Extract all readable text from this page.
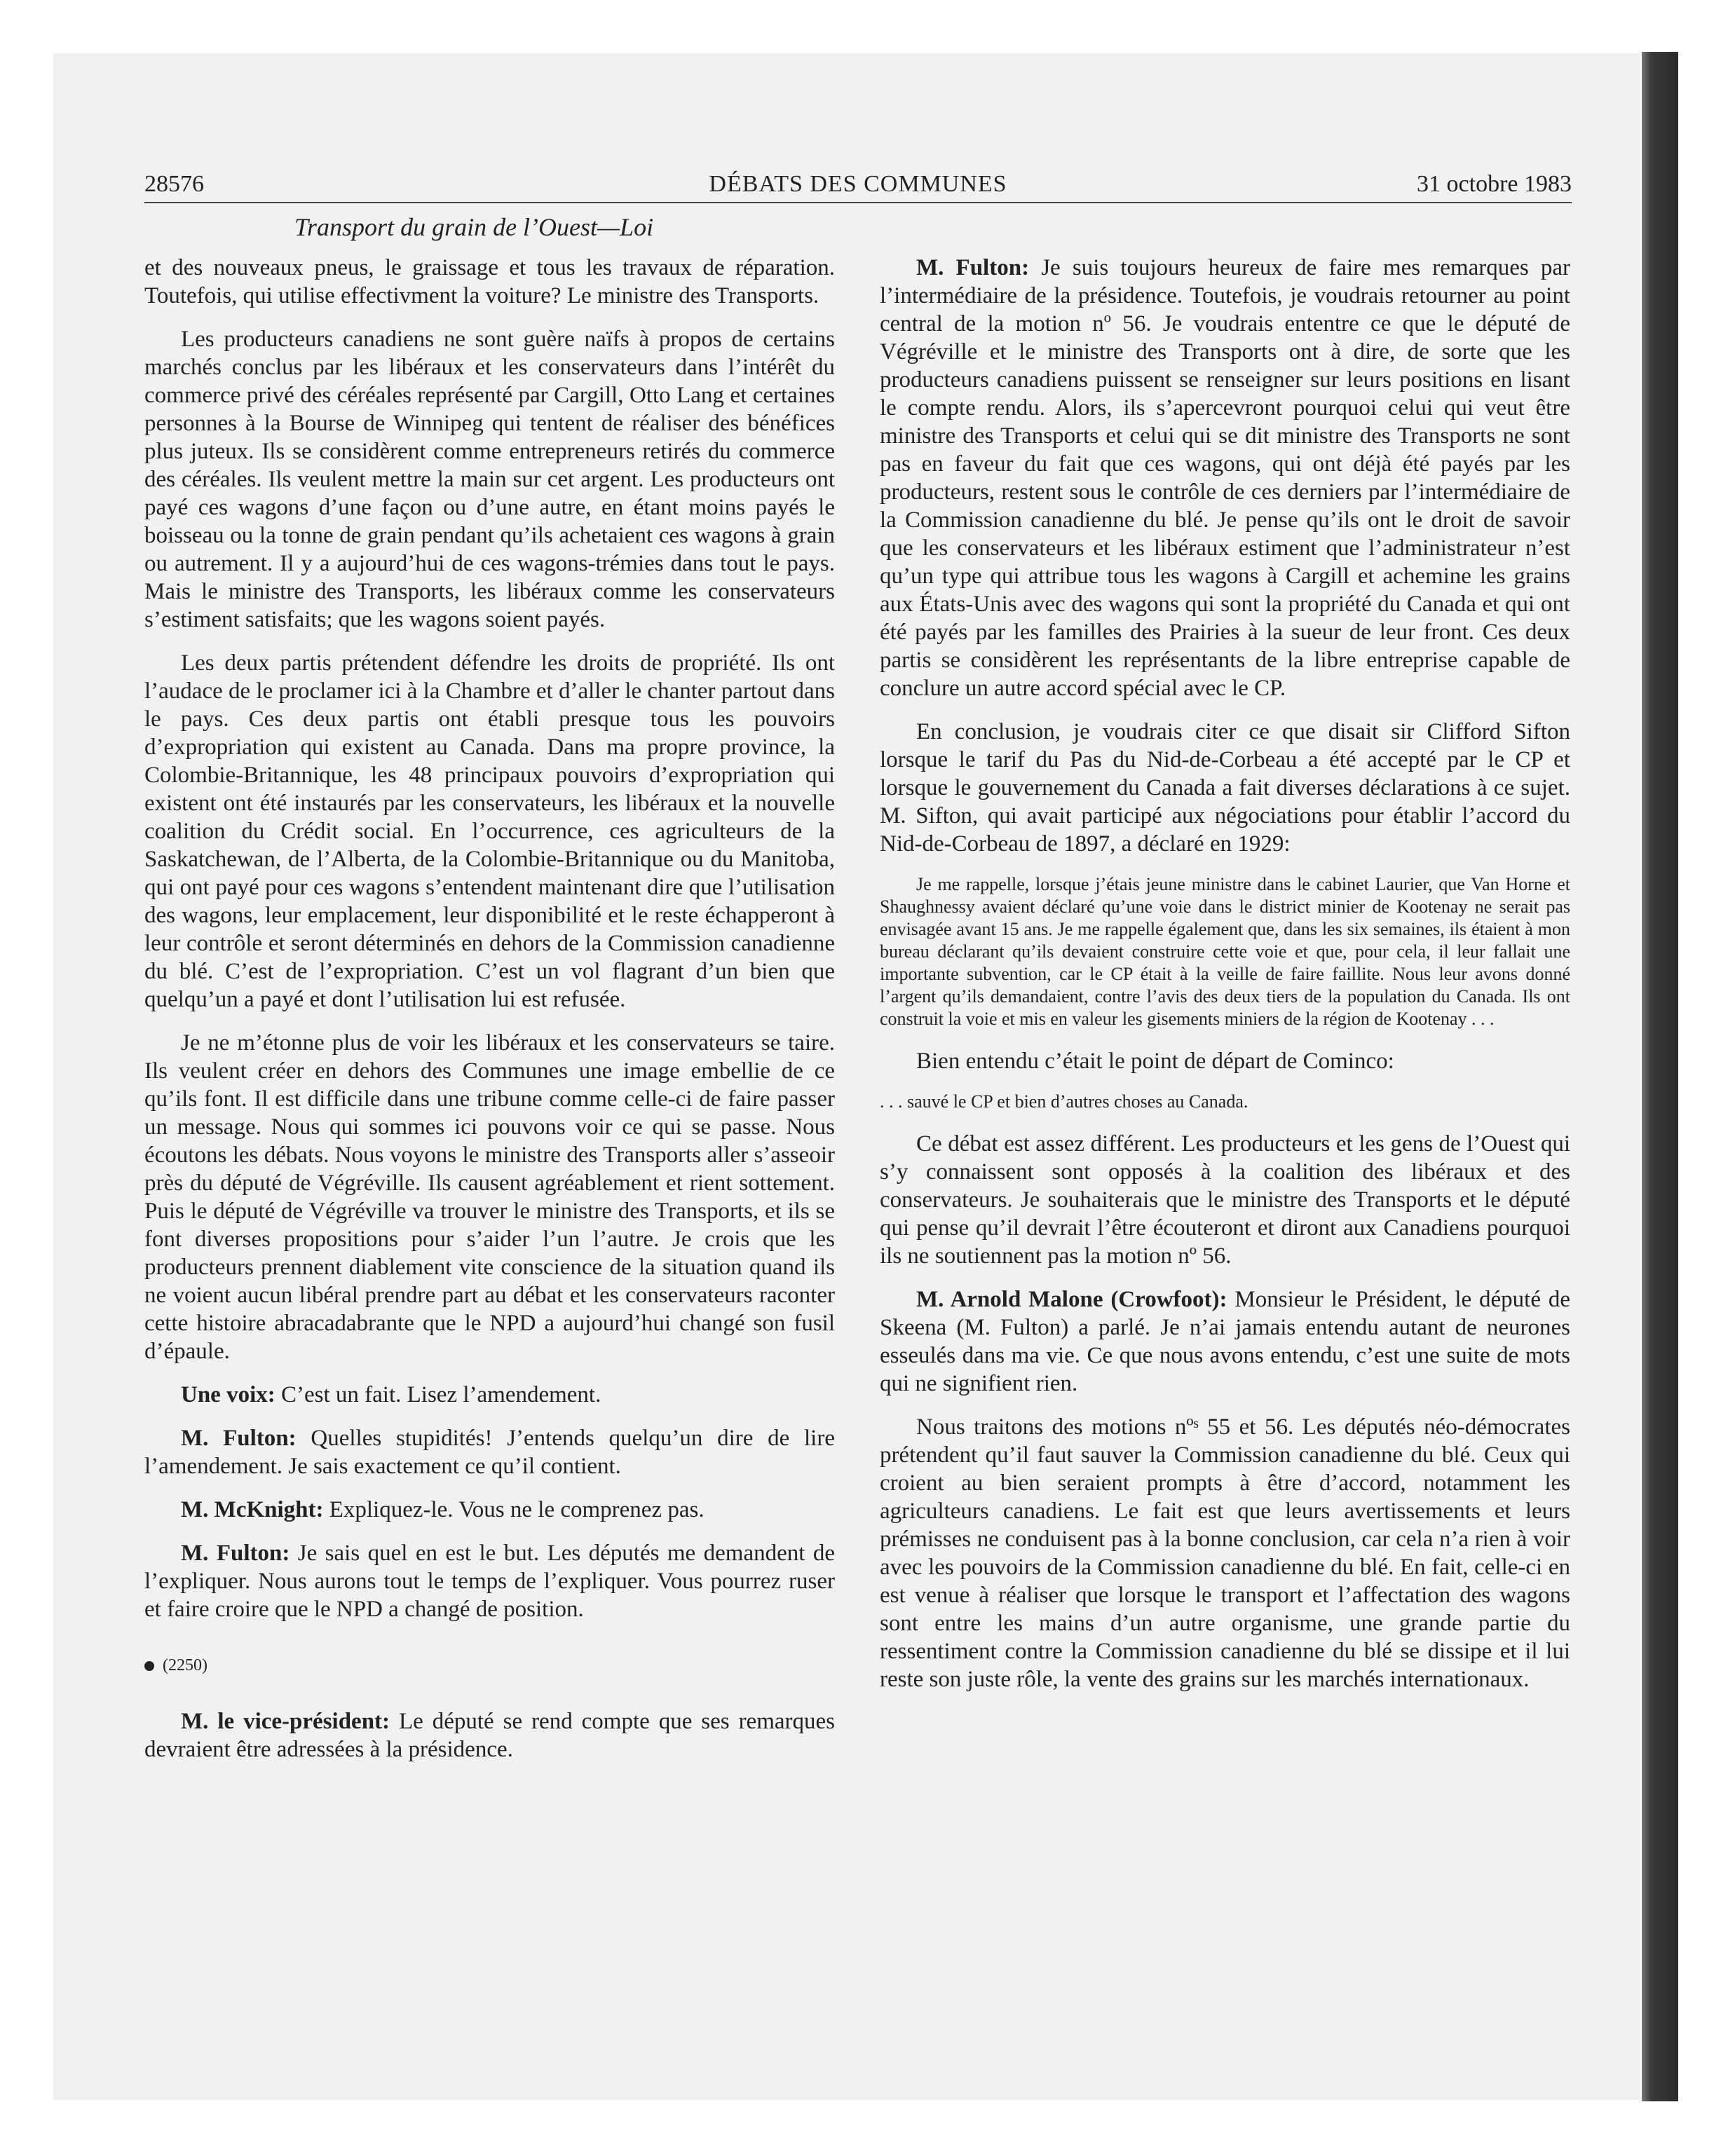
28576	DÉBATS DES COMMUNES	31 octobre 1983
Transport du grain de l’Ouest—Loi

et des nouveaux pneus, le graissage et tous les travaux de réparation. Toutefois, qui utilise effectivment la voiture? Le ministre des Transports.

Les producteurs canadiens ne sont guère naïfs à propos de certains marchés conclus par les libéraux et les conservateurs dans l’intérêt du commerce privé des céréales représenté par Cargill, Otto Lang et certaines personnes à la Bourse de Winnipeg qui tentent de réaliser des bénéfices plus juteux. Ils se considèrent comme entrepreneurs retirés du commerce des céréales. Ils veulent mettre la main sur cet argent. Les producteurs ont payé ces wagons d’une façon ou d’une autre, en étant moins payés le boisseau ou la tonne de grain pendant qu’ils achetaient ces wagons à grain ou autrement. Il y a aujourd’hui de ces wagons-trémies dans tout le pays. Mais le ministre des Transports, les libéraux comme les conservateurs s’estiment satisfaits; que les wagons soient payés.

Les deux partis prétendent défendre les droits de propriété. Ils ont l’audace de le proclamer ici à la Chambre et d’aller le chanter partout dans le pays. Ces deux partis ont établi presque tous les pouvoirs d’expropriation qui existent au Canada. Dans ma propre province, la Colombie-Britannique, les 48 principaux pouvoirs d’expropriation qui existent ont été instaurés par les conservateurs, les libéraux et la nouvelle coalition du Crédit social. En l’occurrence, ces agriculteurs de la Saskatchewan, de l’Alberta, de la Colombie-Britannique ou du Manitoba, qui ont payé pour ces wagons s’entendent maintenant dire que l’utilisation des wagons, leur emplacement, leur disponibilité et le reste échapperont à leur contrôle et seront déterminés en dehors de la Commission canadienne du blé. C’est de l’expropriation. C’est un vol flagrant d’un bien que quelqu’un a payé et dont l’utilisation lui est refusée.

Je ne m’étonne plus de voir les libéraux et les conservateurs se taire. Ils veulent créer en dehors des Communes une image embellie de ce qu’ils font. Il est difficile dans une tribune comme celle-ci de faire passer un message. Nous qui sommes ici pouvons voir ce qui se passe. Nous écoutons les débats. Nous voyons le ministre des Transports aller s’asseoir près du député de Végréville. Ils causent agréablement et rient sottement. Puis le député de Végréville va trouver le ministre des Transports, et ils se font diverses propositions pour s’aider l’un l’autre. Je crois que les producteurs prennent diablement vite conscience de la situation quand ils ne voient aucun libéral prendre part au débat et les conservateurs raconter cette histoire abracadabrante que le NPD a aujourd’hui changé son fusil d’épaule.

Une voix: C’est un fait. Lisez l’amendement.

M. Fulton: Quelles stupidités! J’entends quelqu’un dire de lire l’amendement. Je sais exactement ce qu’il contient.

M. McKnight: Expliquez-le. Vous ne le comprenez pas.

M. Fulton: Je sais quel en est le but. Les députés me demandent de l’expliquer. Nous aurons tout le temps de l’expliquer. Vous pourrez ruser et faire croire que le NPD a changé de position.

(2250)

M. le vice-président: Le député se rend compte que ses remarques devraient être adressées à la présidence.

M. Fulton: Je suis toujours heureux de faire mes remarques par l’intermédiaire de la présidence. Toutefois, je voudrais retourner au point central de la motion nº 56. Je voudrais ententre ce que le député de Végréville et le ministre des Transports ont à dire, de sorte que les producteurs canadiens puissent se renseigner sur leurs positions en lisant le compte rendu. Alors, ils s’apercevront pourquoi celui qui veut être ministre des Transports et celui qui se dit ministre des Transports ne sont pas en faveur du fait que ces wagons, qui ont déjà été payés par les producteurs, restent sous le contrôle de ces derniers par l’intermédiaire de la Commission canadienne du blé. Je pense qu’ils ont le droit de savoir que les conservateurs et les libéraux estiment que l’administrateur n’est qu’un type qui attribue tous les wagons à Cargill et achemine les grains aux États-Unis avec des wagons qui sont la propriété du Canada et qui ont été payés par les familles des Prairies à la sueur de leur front. Ces deux partis se considèrent les représentants de la libre entreprise capable de conclure un autre accord spécial avec le CP.

En conclusion, je voudrais citer ce que disait sir Clifford Sifton lorsque le tarif du Pas du Nid-de-Corbeau a été accepté par le CP et lorsque le gouvernement du Canada a fait diverses déclarations à ce sujet. M. Sifton, qui avait participé aux négociations pour établir l’accord du Nid-de-Corbeau de 1897, a déclaré en 1929:

Je me rappelle, lorsque j’étais jeune ministre dans le cabinet Laurier, que Van Horne et Shaughnessy avaient déclaré qu’une voie dans le district minier de Kootenay ne serait pas envisagée avant 15 ans. Je me rappelle également que, dans les six semaines, ils étaient à mon bureau déclarant qu’ils devaient construire cette voie et que, pour cela, il leur fallait une importante subvention, car le CP était à la veille de faire faillite. Nous leur avons donné l’argent qu’ils demandaient, contre l’avis des deux tiers de la population du Canada. Ils ont construit la voie et mis en valeur les gisements miniers de la région de Kootenay . . .

Bien entendu c’était le point de départ de Cominco:

. . . sauvé le CP et bien d’autres choses au Canada.

Ce débat est assez différent. Les producteurs et les gens de l’Ouest qui s’y connaissent sont opposés à la coalition des libéraux et des conservateurs. Je souhaiterais que le ministre des Transports et le député qui pense qu’il devrait l’être écouteront et diront aux Canadiens pourquoi ils ne soutiennent pas la motion nº 56.

M. Arnold Malone (Crowfoot): Monsieur le Président, le député de Skeena (M. Fulton) a parlé. Je n’ai jamais entendu autant de neurones esseulés dans ma vie. Ce que nous avons entendu, c’est une suite de mots qui ne signifient rien.

Nous traitons des motions nºˢ 55 et 56. Les députés néo-démocrates prétendent qu’il faut sauver la Commission canadienne du blé. Ceux qui croient au bien seraient prompts à être d’accord, notamment les agriculteurs canadiens. Le fait est que leurs avertissements et leurs prémisses ne conduisent pas à la bonne conclusion, car cela n’a rien à voir avec les pouvoirs de la Commission canadienne du blé. En fait, celle-ci en est venue à réaliser que lorsque le transport et l’affectation des wagons sont entre les mains d’un autre organisme, une grande partie du ressentiment contre la Commission canadienne du blé se dissipe et il lui reste son juste rôle, la vente des grains sur les marchés internationaux.
